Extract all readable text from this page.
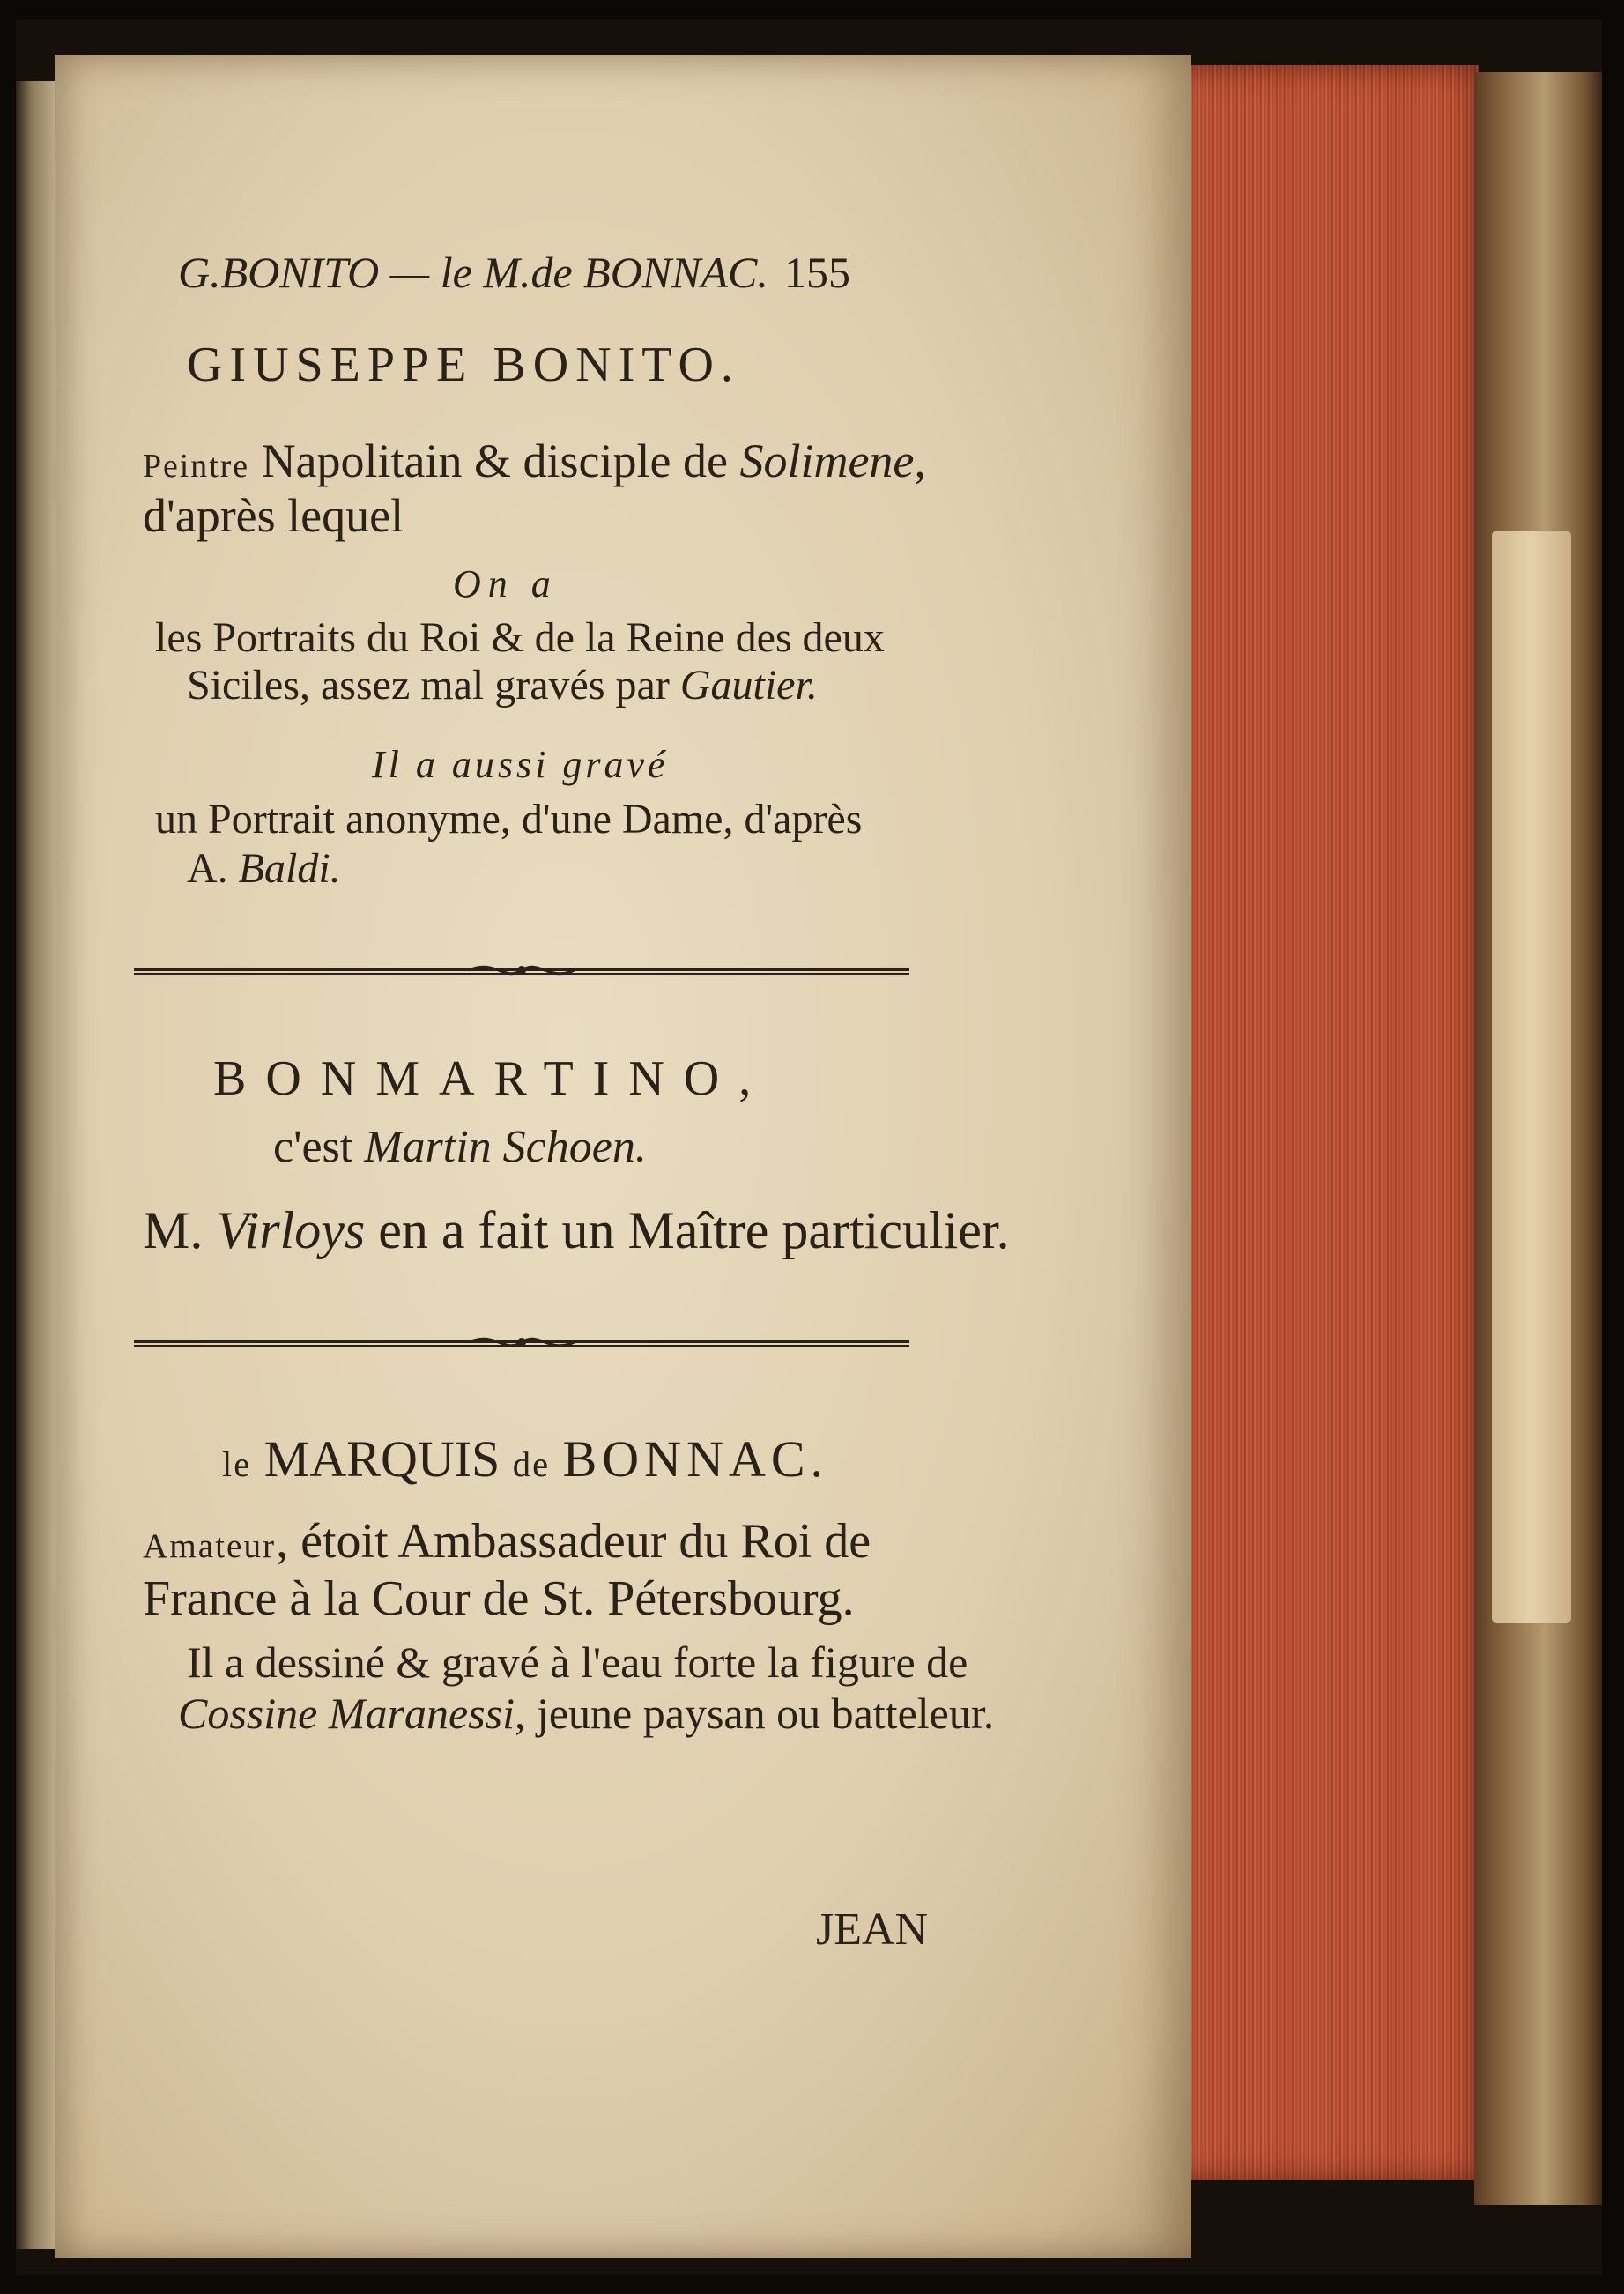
G.BONITO — le M.de BONNAC. 155
GIUSEPPE BONITO.
Peintre Napolitain & disciple de Solimene,
d'après lequel
On a
les Portraits du Roi & de la Reine des deux
Siciles, assez mal gravés par Gautier.
Il a aussi gravé
un Portrait anonyme, d'une Dame, d'après
A. Baldi.
BONMARTINO,
c'est Martin Schoen.
M. Virloys en a fait un Maître particulier.
le MARQUIS de BONNAC.
Amateur, étoit Ambassadeur du Roi de
France à la Cour de St. Pétersbourg.
Il a dessiné & gravé à l'eau forte la figure de
Cossine Maranessi, jeune paysan ou batteleur.
JEAN
